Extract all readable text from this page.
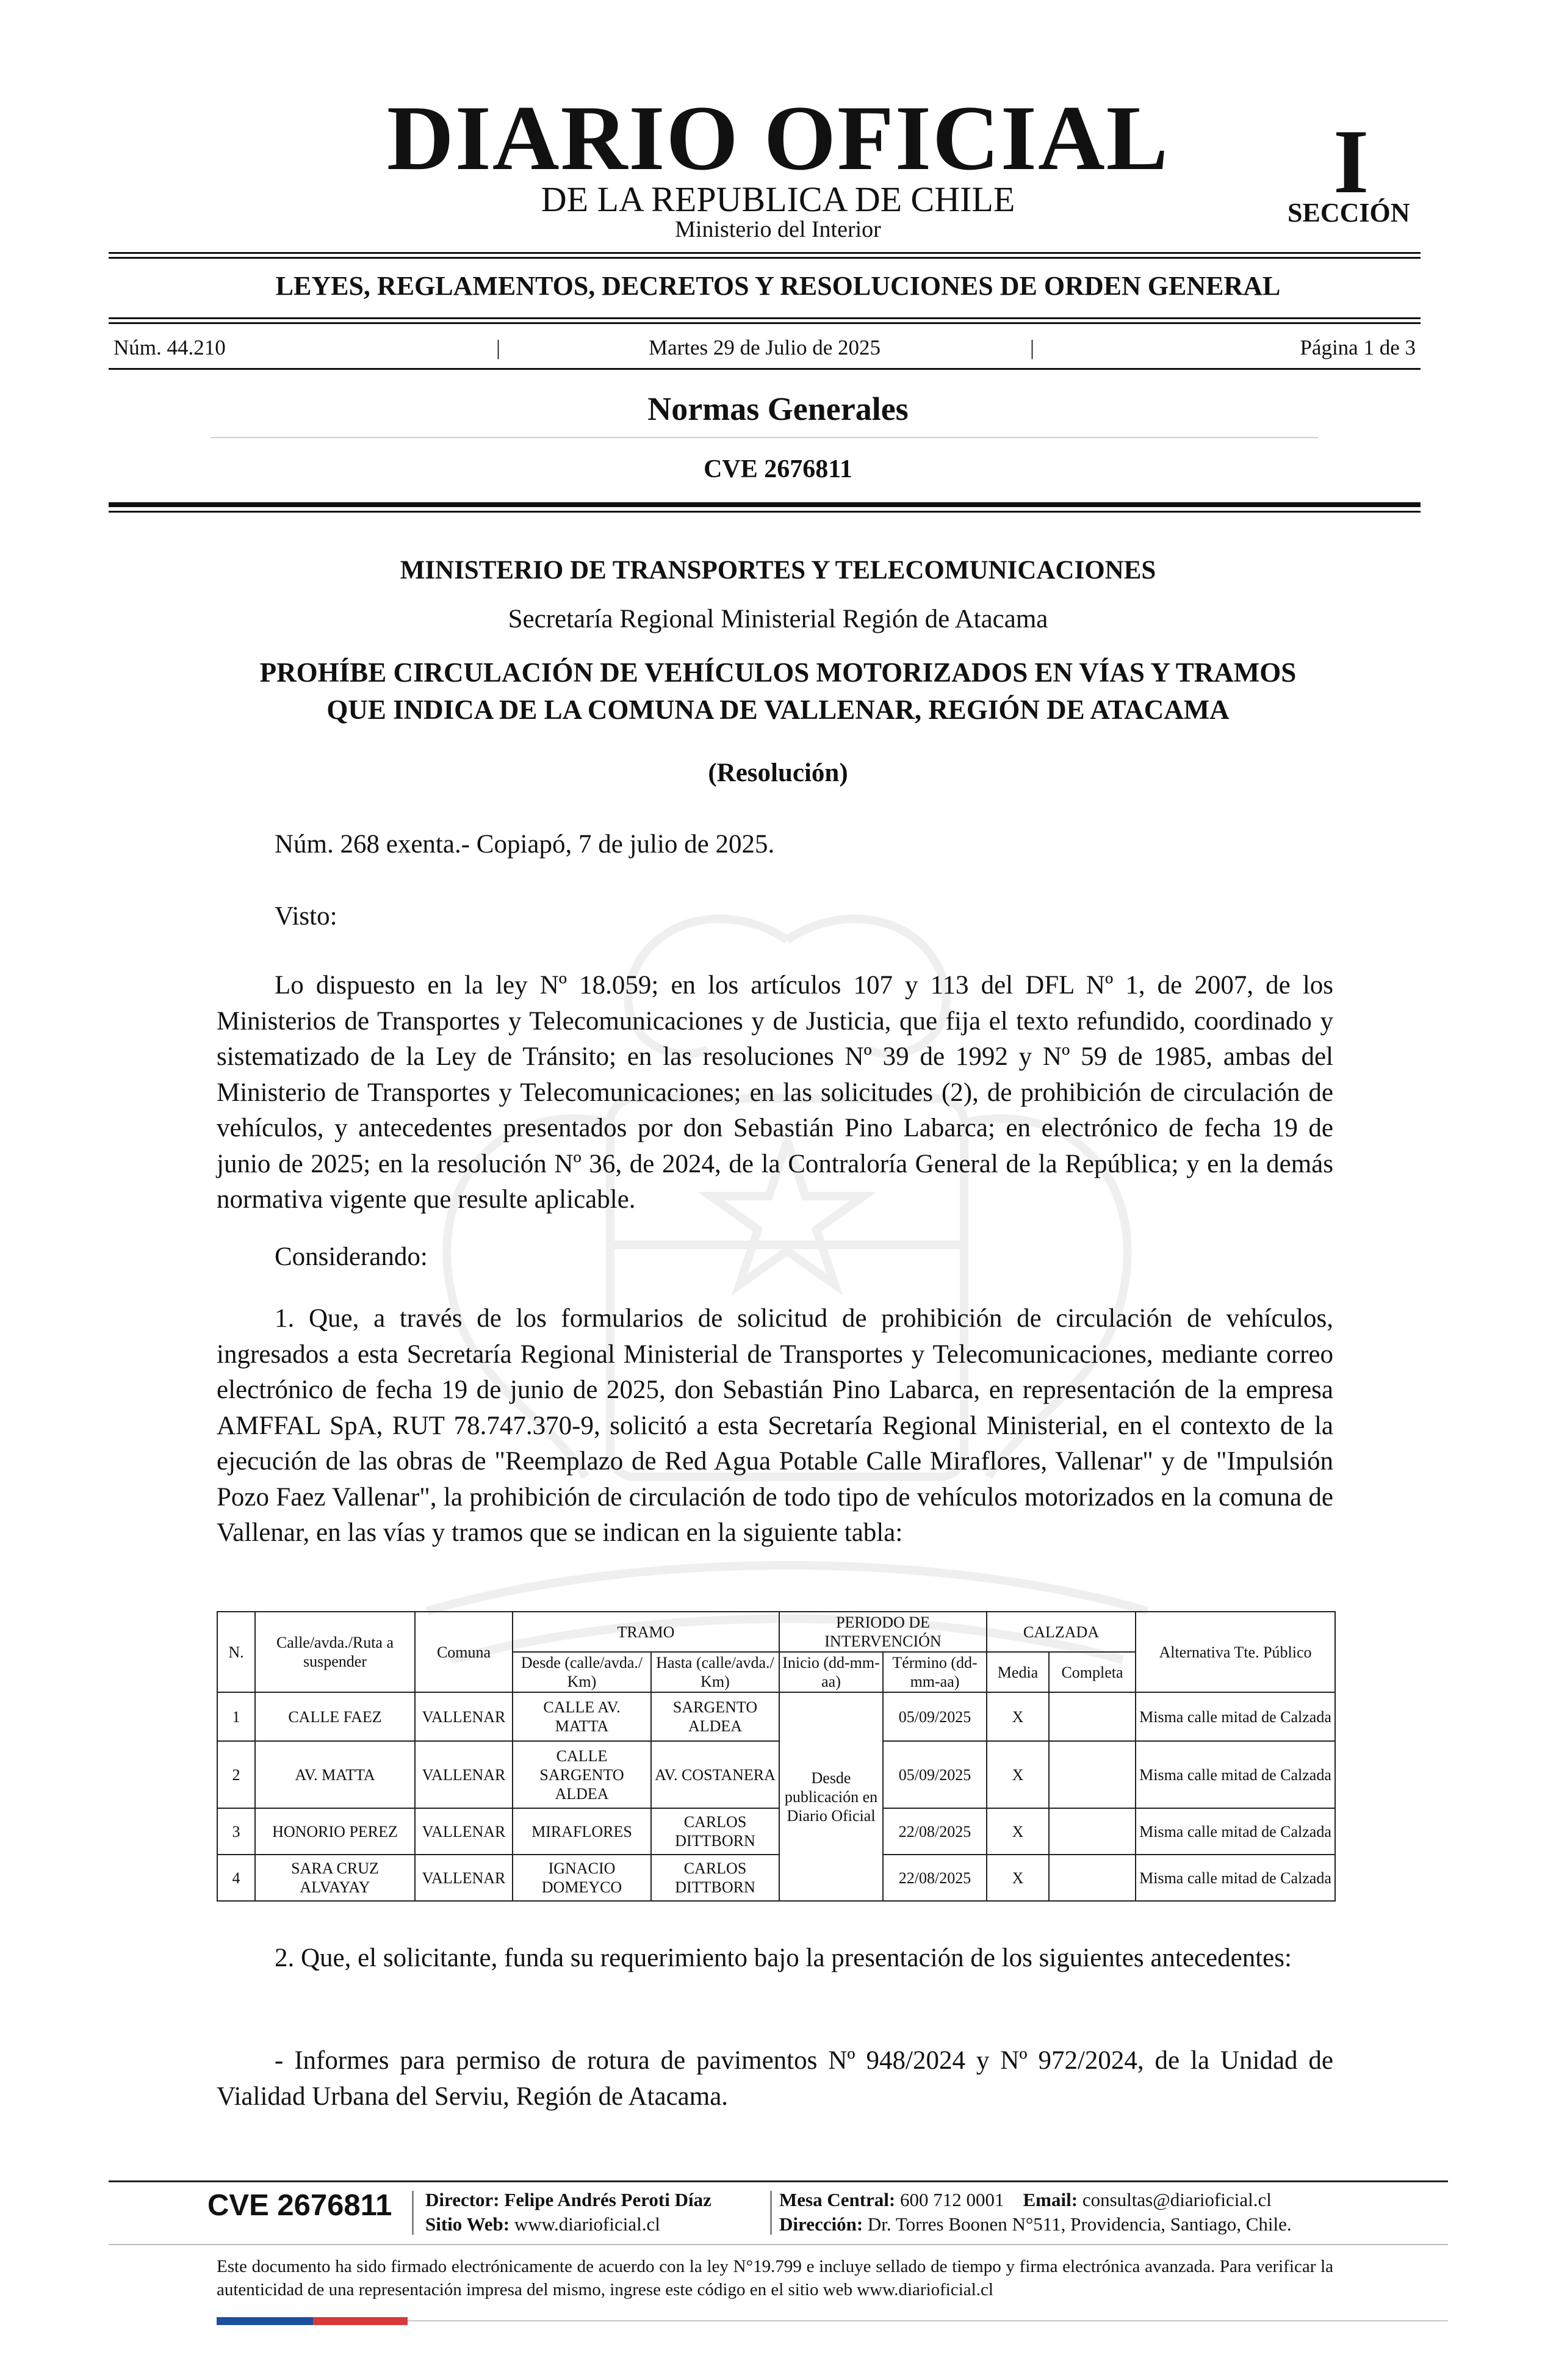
DIARIO OFICIAL
DE LA REPUBLICA DE CHILE
Ministerio del Interior
I
SECCIÓN
LEYES, REGLAMENTOS, DECRETOS Y RESOLUCIONES DE ORDEN GENERAL
Núm. 44.210	|	Martes 29 de Julio de 2025	|	Página 1 de 3
Normas Generales
CVE 2676811
MINISTERIO DE TRANSPORTES Y TELECOMUNICACIONES
Secretaría Regional Ministerial Región de Atacama
PROHÍBE CIRCULACIÓN DE VEHÍCULOS MOTORIZADOS EN VÍAS Y TRAMOS
QUE INDICA DE LA COMUNA DE VALLENAR, REGIÓN DE ATACAMA
(Resolución)
Núm. 268 exenta.- Copiapó, 7 de julio de 2025.
Visto:
Lo dispuesto en la ley Nº 18.059; en los artículos 107 y 113 del DFL Nº 1, de 2007, de los Ministerios de Transportes y Telecomunicaciones y de Justicia, que fija el texto refundido, coordinado y sistematizado de la Ley de Tránsito; en las resoluciones Nº 39 de 1992 y Nº 59 de 1985, ambas del Ministerio de Transportes y Telecomunicaciones; en las solicitudes (2), de prohibición de circulación de vehículos, y antecedentes presentados por don Sebastián Pino Labarca; en electrónico de fecha 19 de junio de 2025; en la resolución Nº 36, de 2024, de la Contraloría General de la República; y en la demás normativa vigente que resulte aplicable.
Considerando:
1. Que, a través de los formularios de solicitud de prohibición de circulación de vehículos, ingresados a esta Secretaría Regional Ministerial de Transportes y Telecomunicaciones, mediante correo electrónico de fecha 19 de junio de 2025, don Sebastián Pino Labarca, en representación de la empresa AMFFAL SpA, RUT 78.747.370-9, solicitó a esta Secretaría Regional Ministerial, en el contexto de la ejecución de las obras de "Reemplazo de Red Agua Potable Calle Miraflores, Vallenar" y de "Impulsión Pozo Faez Vallenar", la prohibición de circulación de todo tipo de vehículos motorizados en la comuna de Vallenar, en las vías y tramos que se indican en la siguiente tabla:
N.	Calle/avda./Ruta a suspender	Comuna	TRAMO		PERIODO DE INTERVENCIÓN		CALZADA		Alternativa Tte. Público
			Desde (calle/avda./ Km)	Hasta (calle/avda./ Km)	Inicio (dd-mm-aa)	Término (dd-mm-aa)	Media	Completa	
1	CALLE FAEZ	VALLENAR	CALLE AV. MATTA	SARGENTO ALDEA	Desde publicación en Diario Oficial	05/09/2025	X		Misma calle mitad de Calzada
2	AV. MATTA	VALLENAR	CALLE SARGENTO ALDEA	AV. COSTANERA		05/09/2025	X		Misma calle mitad de Calzada
3	HONORIO PEREZ	VALLENAR	MIRAFLORES	CARLOS DITTBORN		22/08/2025	X		Misma calle mitad de Calzada
4	SARA CRUZ ALVAYAY	VALLENAR	IGNACIO DOMEYCO	CARLOS DITTBORN		22/08/2025	X		Misma calle mitad de Calzada
2. Que, el solicitante, funda su requerimiento bajo la presentación de los siguientes antecedentes:
- Informes para permiso de rotura de pavimentos Nº 948/2024 y Nº 972/2024, de la Unidad de Vialidad Urbana del Serviu, Región de Atacama.
CVE 2676811 Director: Felipe Andrés Peroti Díaz
Sitio Web: www.diarioficial.cl
Mesa Central: 600 712 0001 Email: consultas@diarioficial.cl
Dirección: Dr. Torres Boonen N°511, Providencia, Santiago, Chile.
Este documento ha sido firmado electrónicamente de acuerdo con la ley N°19.799 e incluye sellado de tiempo y firma electrónica avanzada. Para verificar la autenticidad de una representación impresa del mismo, ingrese este código en el sitio web www.diarioficial.cl
